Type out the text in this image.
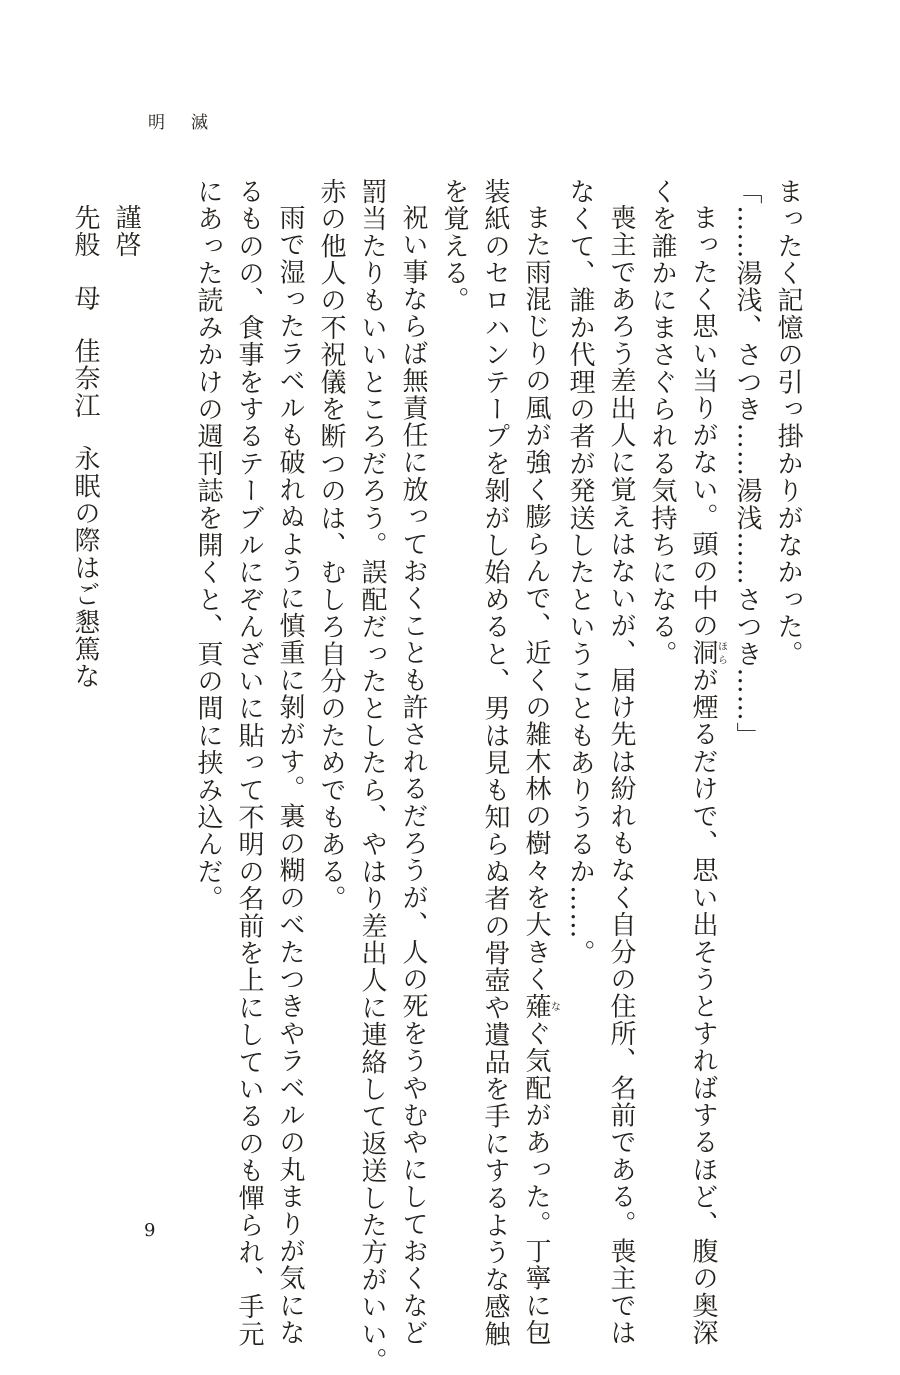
明滅
まったく記憶の引っ掛かりがなかった。
「……湯浅、さつき……湯浅……さつき……」
まったく思い当りがない。頭の中の洞ほらが煙るだけで、思い出そうとすればするほど、腹の奥深
くを誰かにまさぐられる気持ちになる。
喪主であろう差出人に覚えはないが、届け先は紛れもなく自分の住所、名前である。喪主では
なくて、誰か代理の者が発送したということもありうるか……。
また雨混じりの風が強く膨らんで、近くの雑木林の樹々を大きく薙なぐ気配があった。丁寧に包
装紙のセロハンテープを剝がし始めると、男は見も知らぬ者の骨壺や遺品を手にするような感触
を覚える。
祝い事ならば無責任に放っておくことも許されるだろうが、人の死をうやむやにしておくなど
罰当たりもいいところだろう。誤配だったとしたら、やはり差出人に連絡して返送した方がいい。
赤の他人の不祝儀を断つのは、むしろ自分のためでもある。
雨で湿ったラベルも破れぬように慎重に剝がす。裏の糊のべたつきやラベルの丸まりが気にな
るものの、食事をするテーブルにぞんざいに貼って不明の名前を上にしているのも憚られ、手元
にあった読みかけの週刊誌を開くと、頁の間に挟み込んだ。
謹啓
先般母佳奈江永眠の際はご懇篤な
9
